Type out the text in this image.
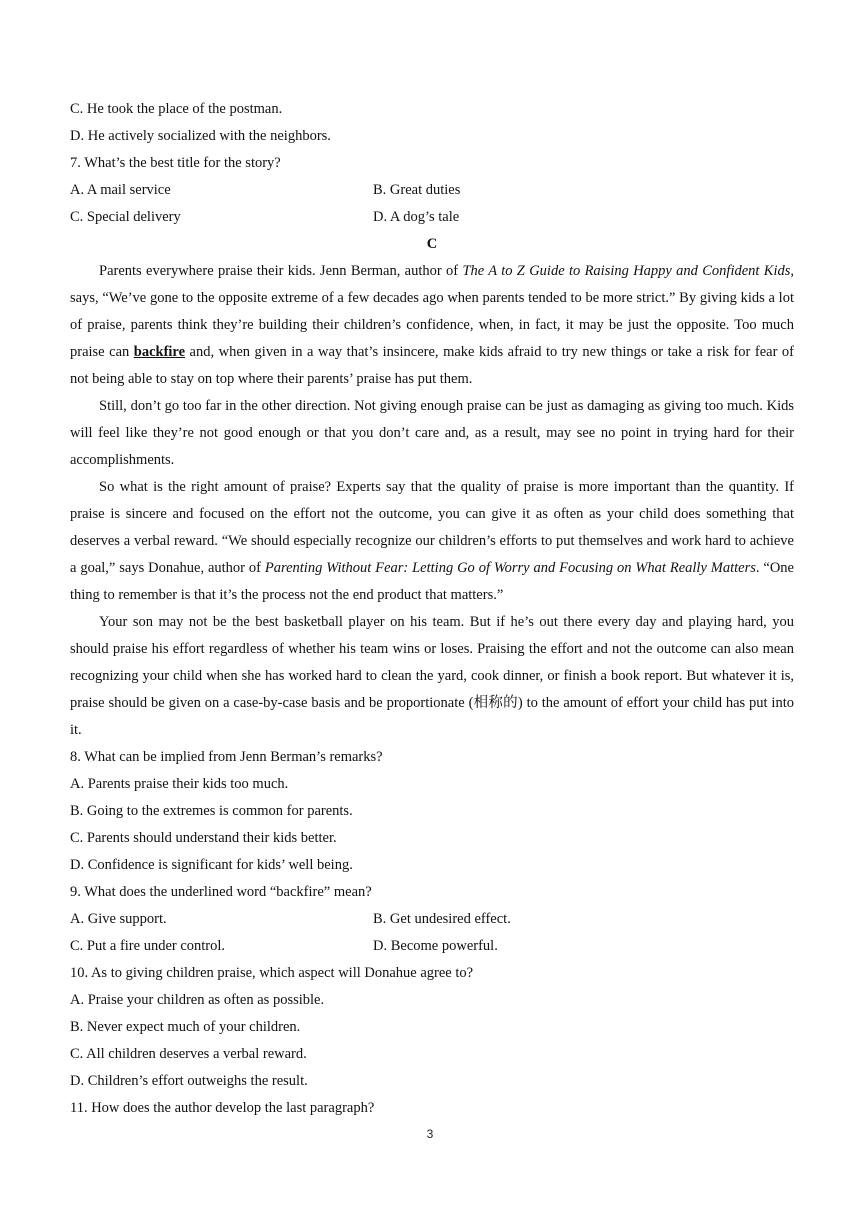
C. He took the place of the postman.
D. He actively socialized with the neighbors.
7. What’s the best title for the story?
A. A mail service	B. Great duties
C. Special delivery	D. A dog’s tale
C

Parents everywhere praise their kids. Jenn Berman, author of The A to Z Guide to Raising Happy and Confident Kids, says, “We’ve gone to the opposite extreme of a few decades ago when parents tended to be more strict.” By giving kids a lot of praise, parents think they’re building their children’s confidence, when, in fact, it may be just the opposite. Too much praise can backfire and, when given in a way that’s insincere, make kids afraid to try new things or take a risk for fear of not being able to stay on top where their parents’ praise has put them.

Still, don’t go too far in the other direction. Not giving enough praise can be just as damaging as giving too much. Kids will feel like they’re not good enough or that you don’t care and, as a result, may see no point in trying hard for their accomplishments.

So what is the right amount of praise? Experts say that the quality of praise is more important than the quantity. If praise is sincere and focused on the effort not the outcome, you can give it as often as your child does something that deserves a verbal reward. “We should especially recognize our children’s efforts to put themselves and work hard to achieve a goal,” says Donahue, author of Parenting Without Fear: Letting Go of Worry and Focusing on What Really Matters. “One thing to remember is that it’s the process not the end product that matters.”

Your son may not be the best basketball player on his team. But if he’s out there every day and playing hard, you should praise his effort regardless of whether his team wins or loses. Praising the effort and not the outcome can also mean recognizing your child when she has worked hard to clean the yard, cook dinner, or finish a book report. But whatever it is, praise should be given on a case-by-case basis and be proportionate (相称的) to the amount of effort your child has put into it.

8. What can be implied from Jenn Berman’s remarks?
A. Parents praise their kids too much.
B. Going to the extremes is common for parents.
C. Parents should understand their kids better.
D. Confidence is significant for kids’ well being.
9. What does the underlined word “backfire” mean?
A. Give support.	B. Get undesired effect.
C. Put a fire under control.	D. Become powerful.
10. As to giving children praise, which aspect will Donahue agree to?
A. Praise your children as often as possible.
B. Never expect much of your children.
C. All children deserves a verbal reward.
D. Children’s effort outweighs the result.
11. How does the author develop the last paragraph?
3
